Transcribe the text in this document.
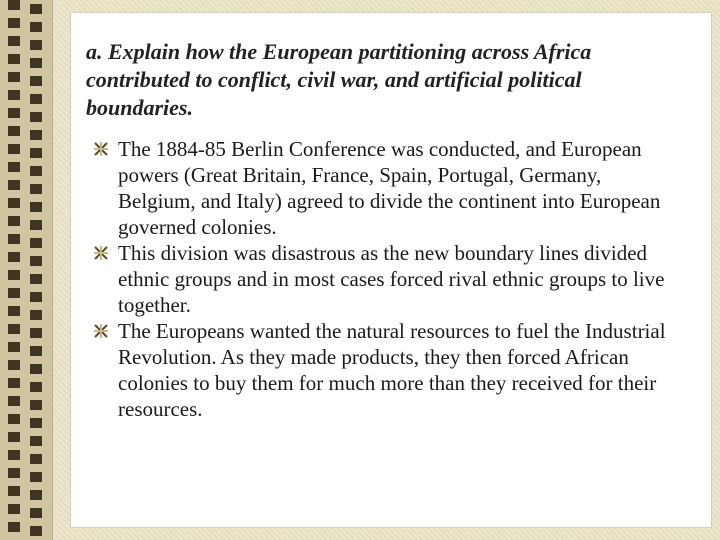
a. Explain how the European partitioning across Africa contributed to conflict, civil war, and artificial political boundaries.
The 1884-85 Berlin Conference was conducted, and European powers (Great Britain, France, Spain, Portugal, Germany, Belgium, and Italy) agreed to divide the continent into European governed colonies.
This division was disastrous as the new boundary lines divided ethnic groups and in most cases forced rival ethnic groups to live together.
The Europeans wanted the natural resources to fuel the Industrial Revolution. As they made products, they then forced African colonies to buy them for much more than they received for their resources.
